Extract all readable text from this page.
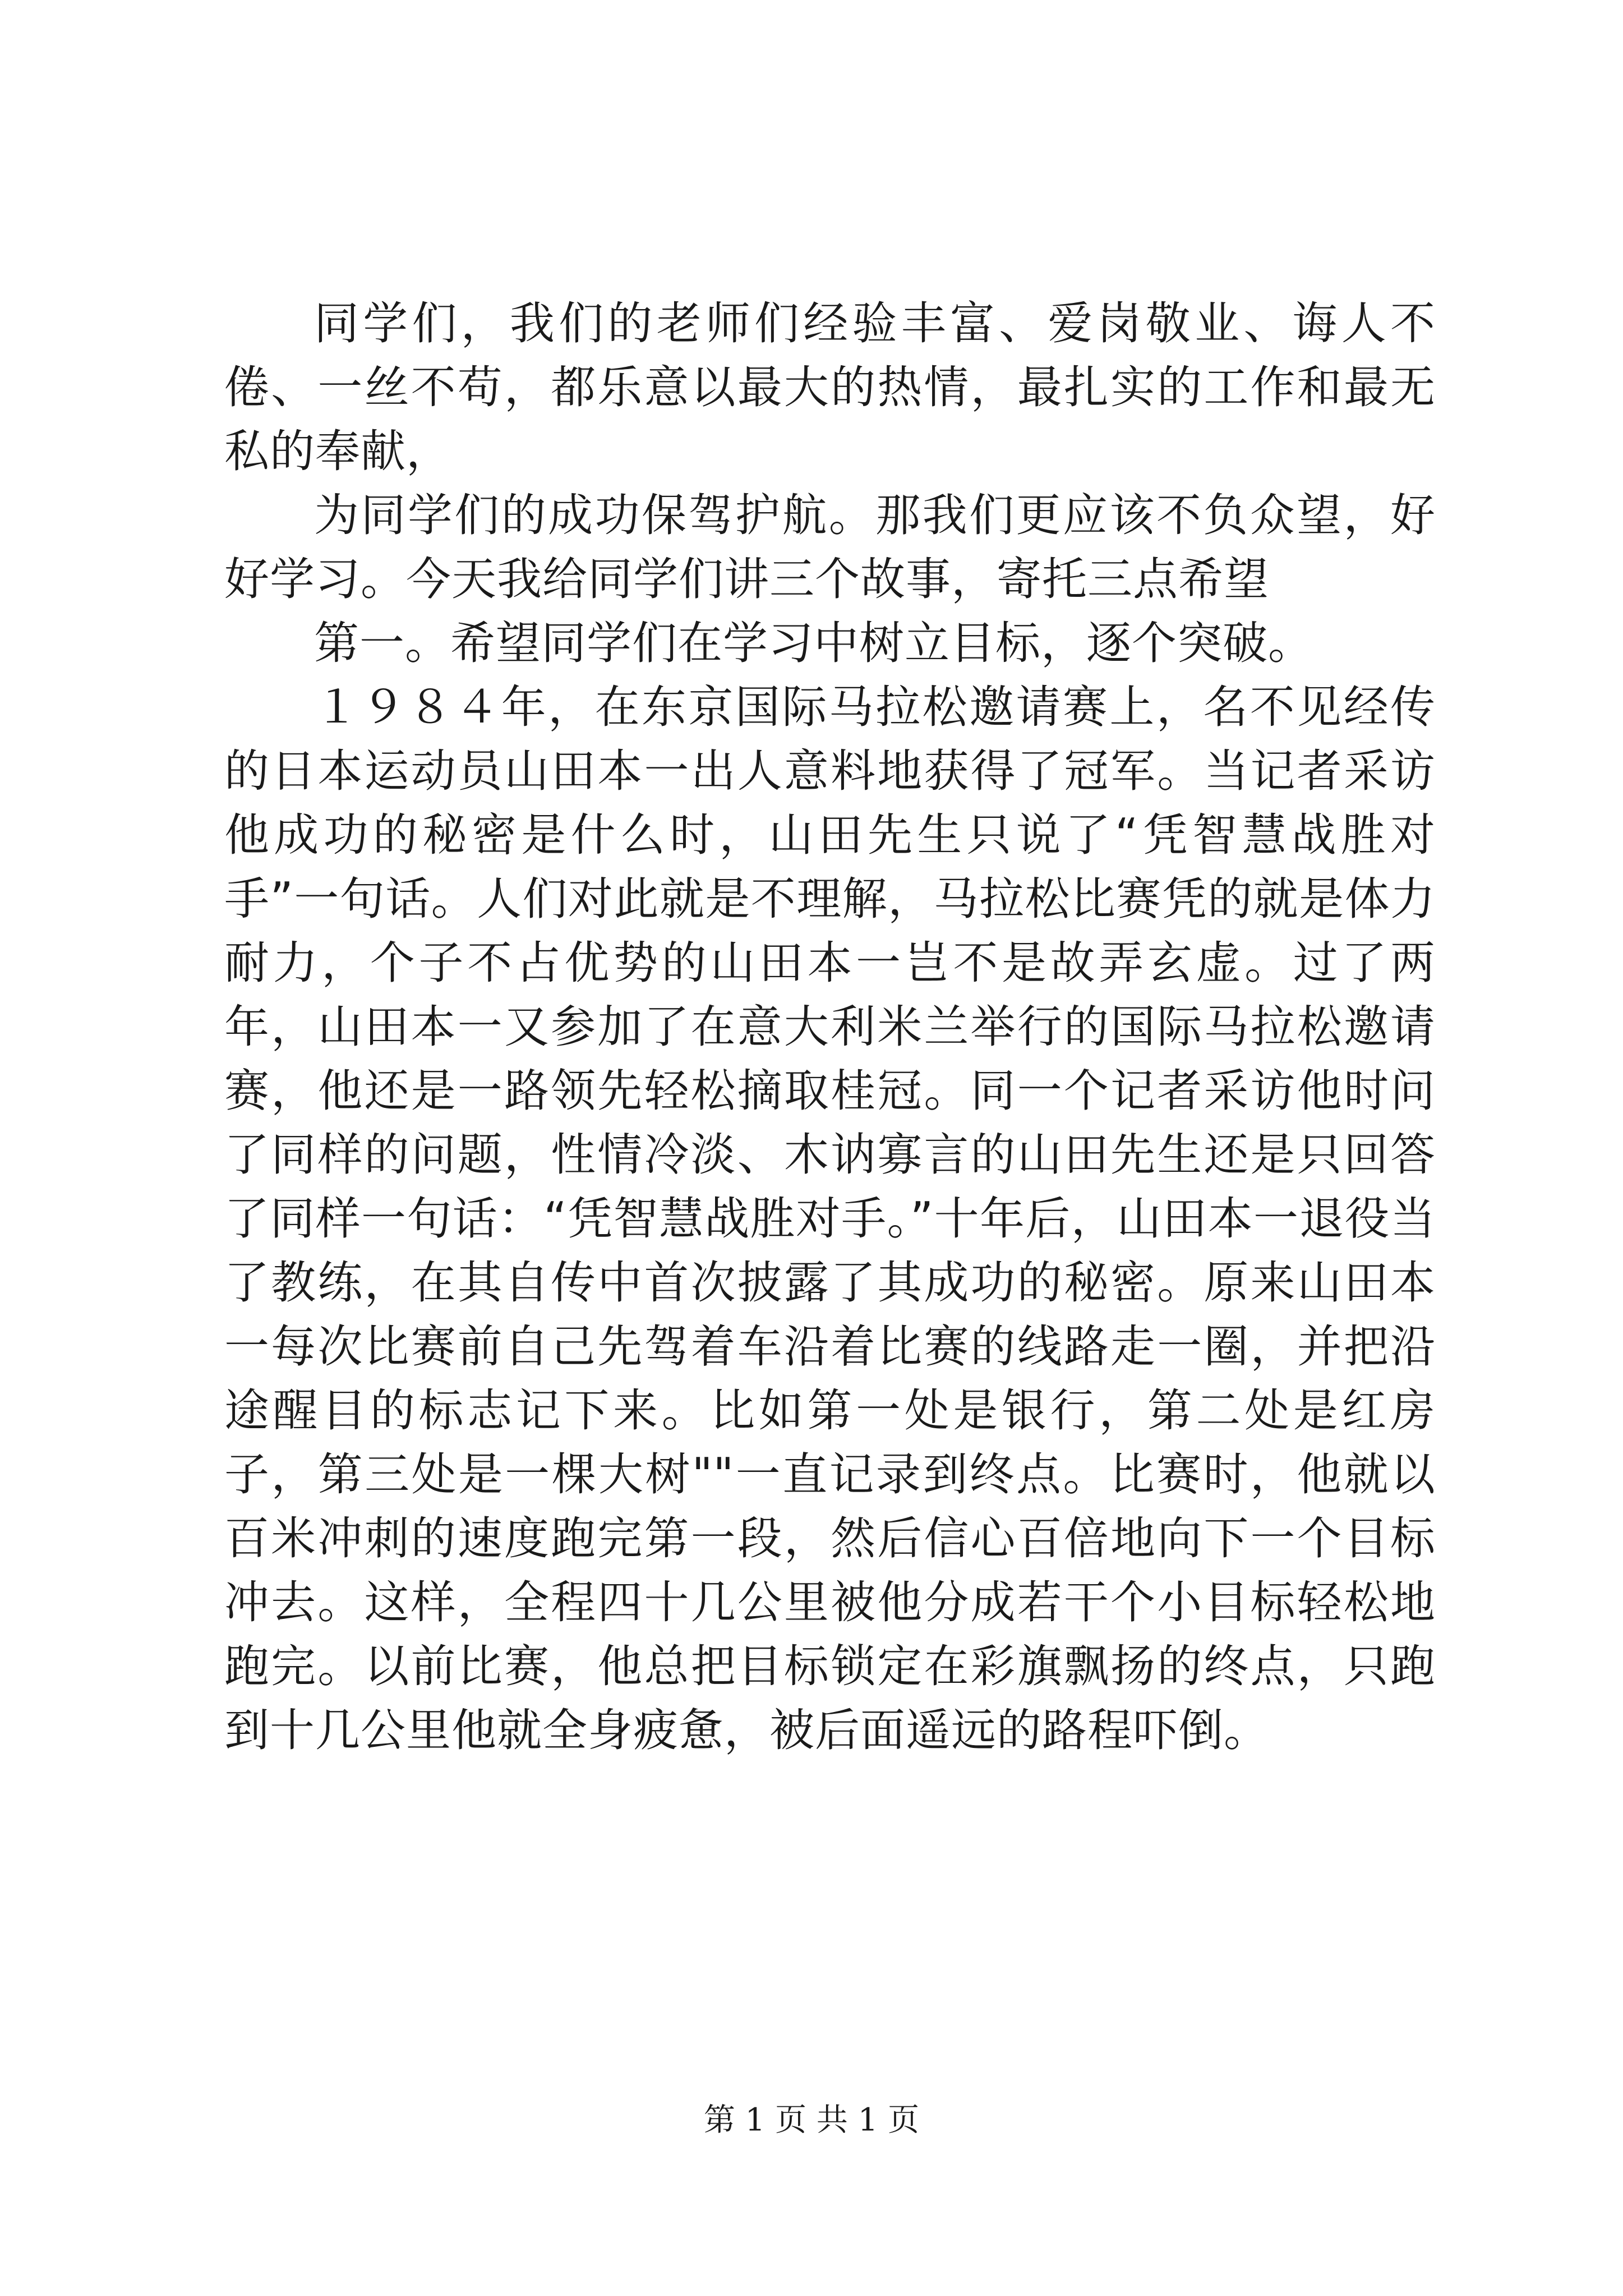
同学们，我们的老师们经验丰富、爱岗敬业、诲人不倦、一丝不苟，都乐意以最大的热情，最扎实的工作和最无私的奉献，

为同学们的成功保驾护航。那我们更应该不负众望，好好学习。今天我给同学们讲三个故事，寄托三点希望

第一。希望同学们在学习中树立目标，逐个突破。

１９８４年，在东京国际马拉松邀请赛上，名不见经传的日本运动员山田本一出人意料地获得了冠军。当记者采访他成功的秘密是什么时，山田先生只说了“凭智慧战胜对手”一句话。人们对此就是不理解，马拉松比赛凭的就是体力耐力，个子不占优势的山田本一岂不是故弄玄虚。过了两年，山田本一又参加了在意大利米兰举行的国际马拉松邀请赛，他还是一路领先轻松摘取桂冠。同一个记者采访他时问了同样的问题，性情冷淡、木讷寡言的山田先生还是只回答了同样一句话：“凭智慧战胜对手。”十年后，山田本一退役当了教练，在其自传中首次披露了其成功的秘密。原来山田本一每次比赛前自己先驾着车沿着比赛的线路走一圈，并把沿途醒目的标志记下来。比如第一处是银行，第二处是红房子，第三处是一棵大树""一直记录到终点。比赛时，他就以百米冲刺的速度跑完第一段，然后信心百倍地向下一个目标冲去。这样，全程四十几公里被他分成若干个小目标轻松地跑完。以前比赛，他总把目标锁定在彩旗飘扬的终点，只跑到十几公里他就全身疲惫，被后面遥远的路程吓倒。

第 1 页 共 1 页
